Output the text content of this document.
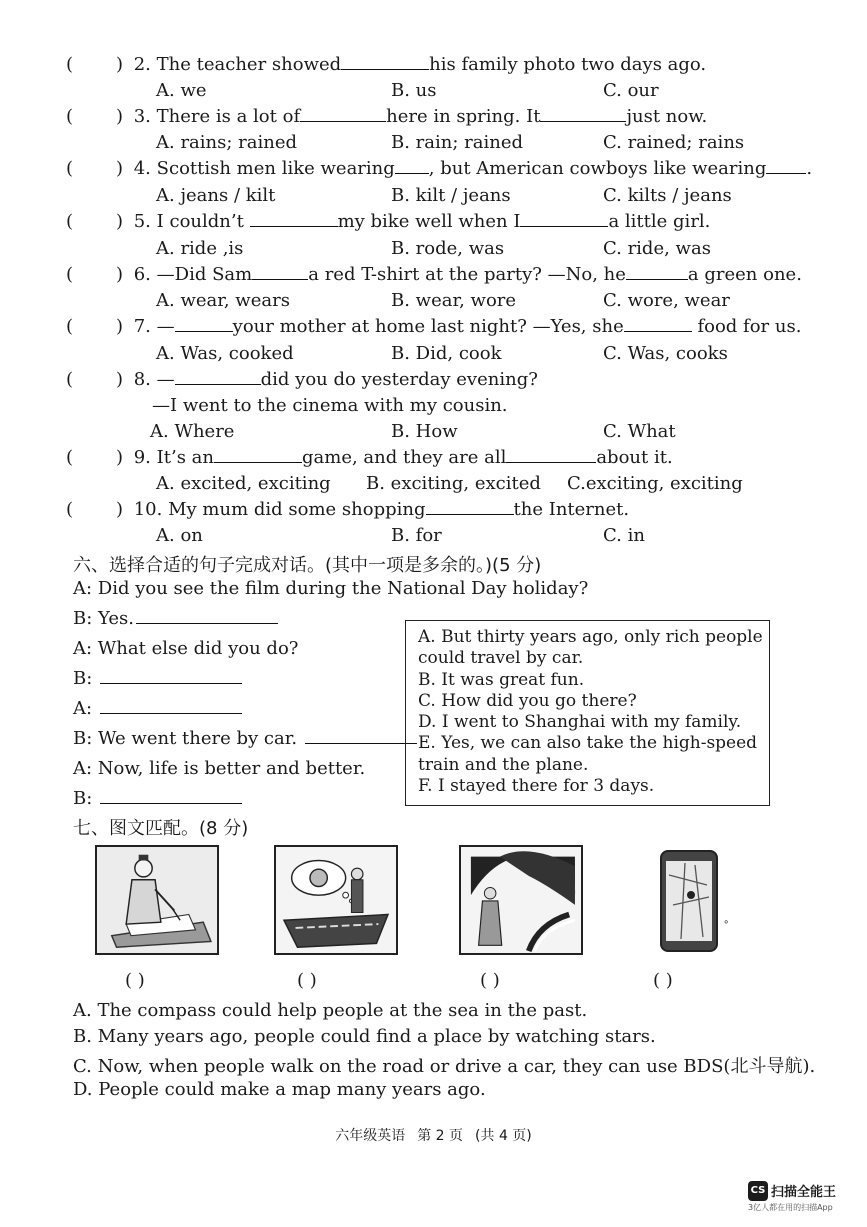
( ) 2. The teacher showed	his family photo two days ago.
A. we	B. us	C. our
( ) 3. There is a lot of	here in spring. It	just now.
A. rains; rained	B. rain; rained	C. rained; rains
( ) 4. Scottish men like wearing , but American cowboys like wearing .
A. jeans / kilt	B. kilt / jeans	C. kilts / jeans
( ) 5. I couldn’t	my bike well when I	a little girl.
A. ride ,is	B. rode, was	C. ride, was
( ) 6. —Did Sam	a red T-shirt at the party? —No, he	a green one.
A. wear, wears	B. wear, wore	C. wore, wear
( ) 7. —	your mother at home last night? —Yes, she	food for us.
A. Was, cooked	B. Did, cook	C. Was, cooks
( ) 8. —	did you do yesterday evening?
—I went to the cinema with my cousin.
A. Where	B. How	C. What
( ) 9. It’s an	game, and they are all	about it.
A. excited, exciting B. exciting, excited C.exciting, exciting
( ) 10. My mum did some shopping	the Internet.
A. on	B. for	C. in
六、选择合适的句子完成对话。(其中一项是多余的。)(5 分)
A: Did you see the film during the National Day holiday?
B: Yes.
A: What else did you do?
B:
A:
B: We went there by car.
A: Now, life is better and better.
B:
A. But thirty years ago, only rich people
could travel by car.
B. It was great fun.
C. How did you go there?
D. I went to Shanghai with my family.
E. Yes, we can also take the high-speed
train and the plane.
F. I stayed there for 3 days.
七、图文匹配。(8 分)
∘
( )	( )	( )	( )
A. The compass could help people at the sea in the past.
B. Many years ago, people could find a place by watching stars.
C. Now, when people walk on the road or drive a car, they can use BDS(北斗导航).
D. People could make a map many years ago.
六年级英语 第 2 页 (共 4 页)
CS 扫描全能王
3亿人都在用的扫描App
